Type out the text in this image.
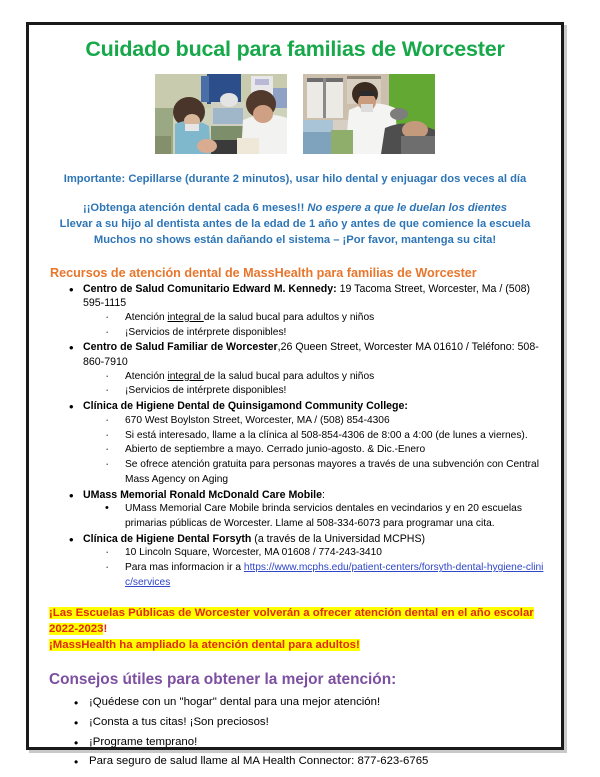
Cuidado bucal para familias de Worcester
Importante: Cepillarse (durante 2 minutos), usar hilo dental y enjuagar dos veces al día
¡¡Obtenga atención dental cada 6 meses!! No espere a que le duelan los dientes
Llevar a su hijo al dentista antes de la edad de 1 año y antes de que comience la escuela
Muchos no shows están dañando el sistema – ¡Por favor, mantenga su cita!
Recursos de atención dental de MassHealth para familias de Worcester
• Centro de Salud Comunitario Edward M. Kennedy: 19 Tacoma Street, Worcester, Ma / (508) 595-1115
· Atención integral de la salud bucal para adultos y niños
· ¡Servicios de intérprete disponibles!
• Centro de Salud Familiar de Worcester,26 Queen Street, Worcester MA 01610 / Teléfono: 508-860-7910
· Atención integral de la salud bucal para adultos y niños
· ¡Servicios de intérprete disponibles!
• Clínica de Higiene Dental de Quinsigamond Community College:
· 670 West Boylston Street, Worcester, MA / (508) 854-4306
· Si está interesado, llame a la clínica al 508-854-4306 de 8:00 a 4:00 (de lunes a viernes).
· Abierto de septiembre a mayo. Cerrado junio-agosto. & Dic.-Enero
· Se ofrece atención gratuita para personas mayores a través de una subvención con Central Mass Agency on Aging
• UMass Memorial Ronald McDonald Care Mobile:
• UMass Memorial Care Mobile brinda servicios dentales en vecindarios y en 20 escuelas primarias públicas de Worcester. Llame al 508-334-6073 para programar una cita.
• Clínica de Higiene Dental Forsyth (a través de la Universidad MCPHS)
· 10 Lincoln Square, Worcester, MA 01608 / 774-243-3410
· Para mas informacion ir a https://www.mcphs.edu/patient-centers/forsyth-dental-hygiene-clinic/services
¡Las Escuelas Públicas de Worcester volverán a ofrecer atención dental en el año escolar 2022-2023!
¡MassHealth ha ampliado la atención dental para adultos!
Consejos útiles para obtener la mejor atención:
• ¡Quédese con un "hogar" dental para una mejor atención!
• ¡Consta a tus citas! ¡Son preciosos!
• ¡Programe temprano!
• Para seguro de salud llame al MA Health Connector: 877-623-6765
